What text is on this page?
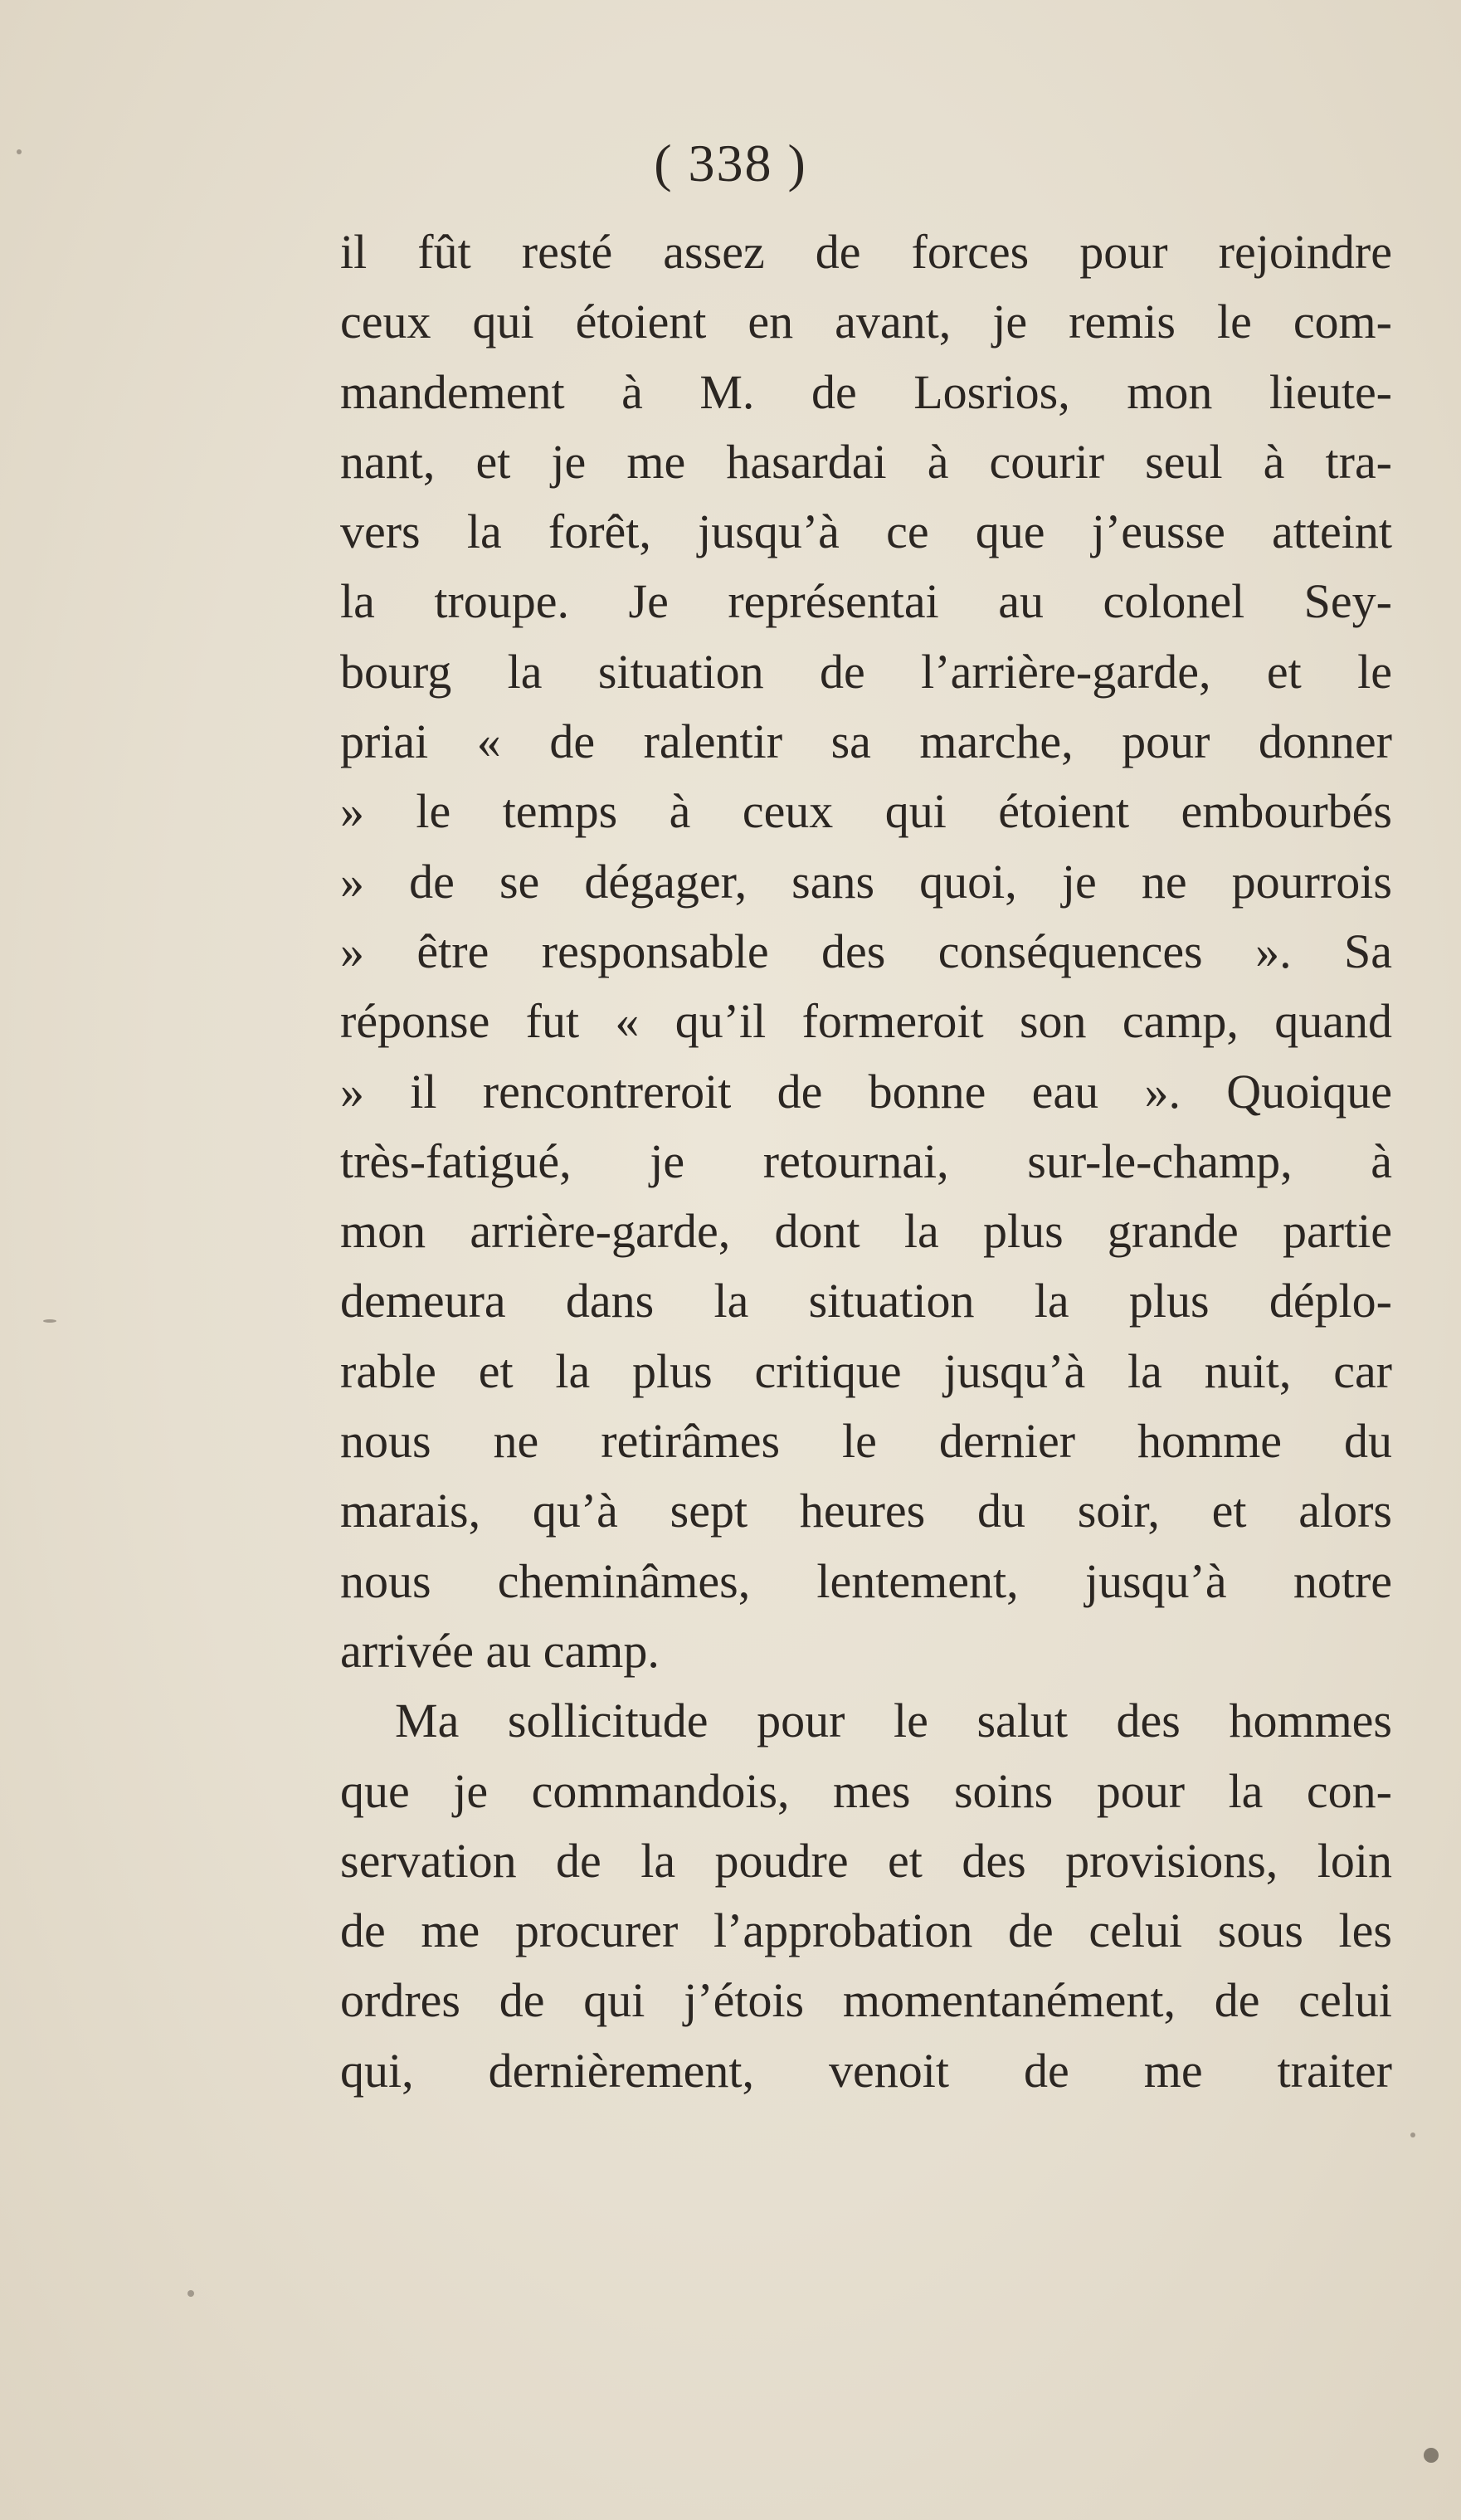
( 338 )
il fût resté assez de forces pour rejoindre
ceux qui étoient en avant, je remis le com-
mandement à M. de Losrios, mon lieute-
nant, et je me hasardai à courir seul à tra-
vers la forêt, jusqu’à ce que j’eusse atteint
la troupe. Je représentai au colonel Sey-
bourg la situation de l’arrière-garde, et le
priai « de ralentir sa marche, pour donner
» le temps à ceux qui étoient embourbés
» de se dégager, sans quoi, je ne pourrois
» être responsable des conséquences ». Sa
réponse fut « qu’il formeroit son camp, quand
» il rencontreroit de bonne eau ». Quoique
très-fatigué, je retournai, sur-le-champ, à
mon arrière-garde, dont la plus grande partie
demeura dans la situation la plus déplo-
rable et la plus critique jusqu’à la nuit, car
nous ne retirâmes le dernier homme du
marais, qu’à sept heures du soir, et alors
nous cheminâmes, lentement, jusqu’à notre
arrivée au camp.
Ma sollicitude pour le salut des hommes
que je commandois, mes soins pour la con-
servation de la poudre et des provisions, loin
de me procurer l’approbation de celui sous les
ordres de qui j’étois momentanément, de celui
qui, dernièrement, venoit de me traiter
